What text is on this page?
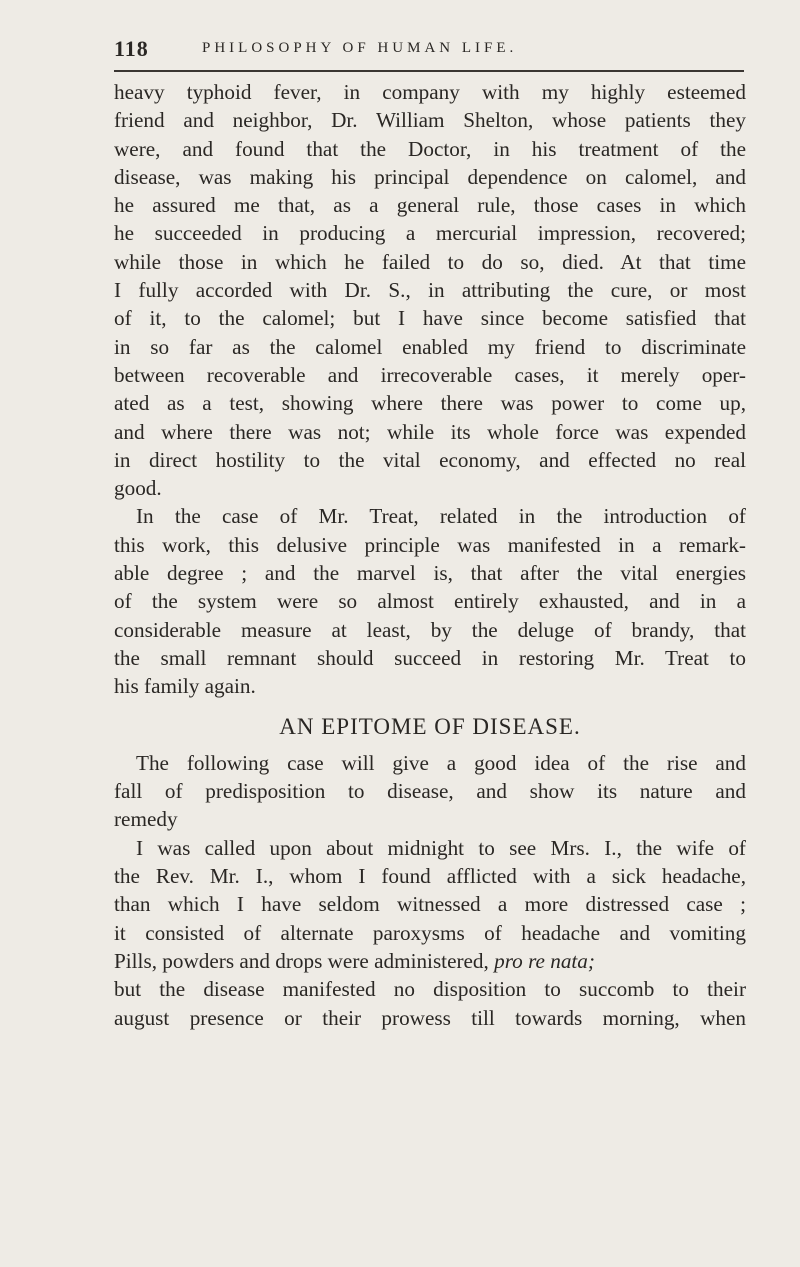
118	PHILOSOPHY OF HUMAN LIFE.
heavy typhoid fever, in company with my highly esteemed
friend and neighbor, Dr. William Shelton, whose patients they
were, and found that the Doctor, in his treatment of the
disease, was making his principal dependence on calomel, and
he assured me that, as a general rule, those cases in which
he succeeded in producing a mercurial impression, recovered;
while those in which he failed to do so, died. At that time
I fully accorded with Dr. S., in attributing the cure, or most
of it, to the calomel; but I have since become satisfied that
in so far as the calomel enabled my friend to discriminate
between recoverable and irrecoverable cases, it merely oper-
ated as a test, showing where there was power to come up,
and where there was not; while its whole force was expended
in direct hostility to the vital economy, and effected no real
good.
In the case of Mr. Treat, related in the introduction of
this work, this delusive principle was manifested in a remark-
able degree ; and the marvel is, that after the vital energies
of the system were so almost entirely exhausted, and in a
considerable measure at least, by the deluge of brandy, that
the small remnant should succeed in restoring Mr. Treat to
his family again.
AN EPITOME OF DISEASE.
The following case will give a good idea of the rise and
fall of predisposition to disease, and show its nature and
remedy
I was called upon about midnight to see Mrs. I., the wife of
the Rev. Mr. I., whom I found afflicted with a sick headache,
than which I have seldom witnessed a more distressed case ;
it consisted of alternate paroxysms of headache and vomiting
Pills, powders and drops were administered, pro re nata;
but the disease manifested no disposition to succomb to their
august presence or their prowess till towards morning, when
